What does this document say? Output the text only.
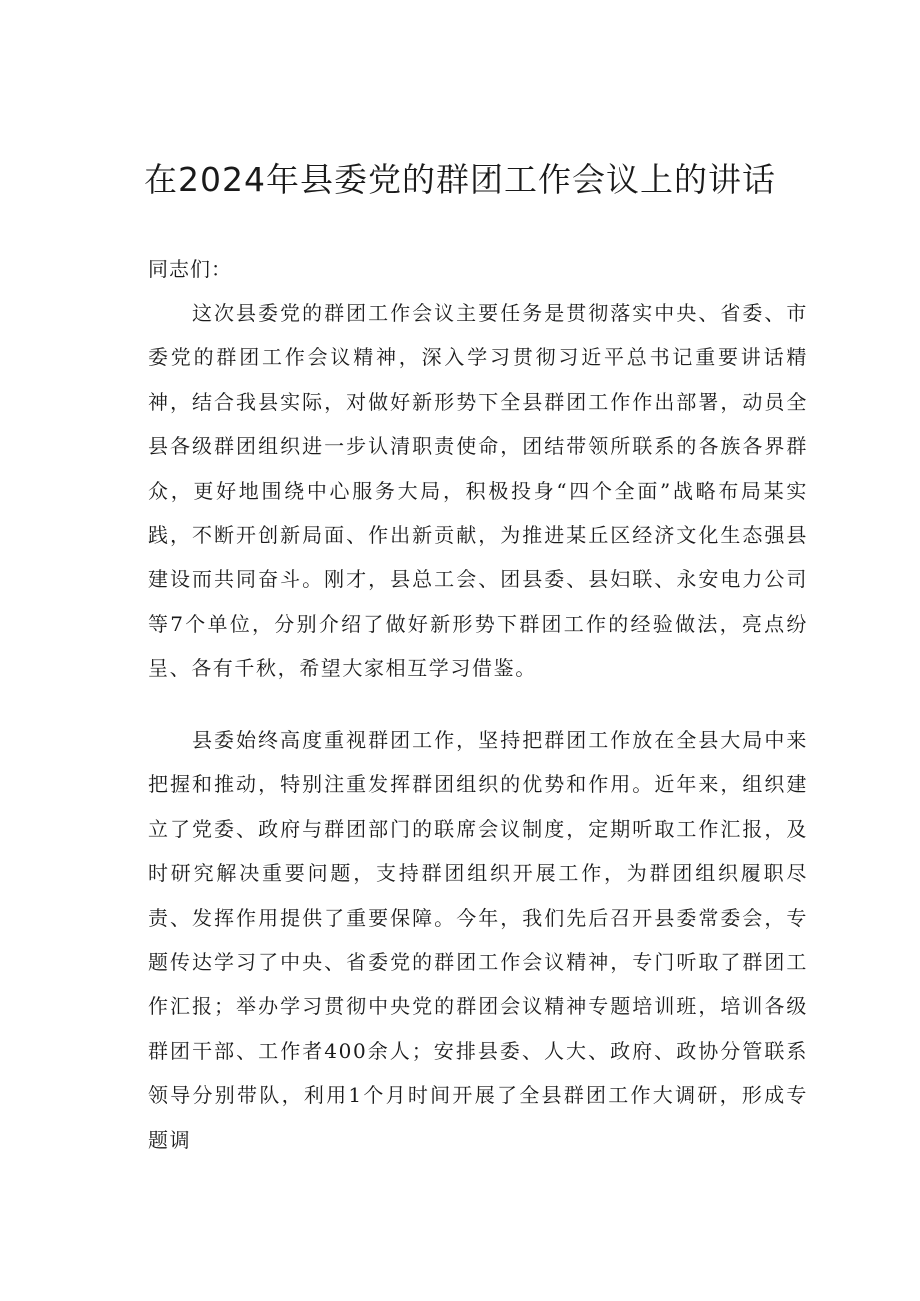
在2024年县委党的群团工作会议上的讲话
同志们：

这次县委党的群团工作会议主要任务是贯彻落实中央、省委、市委党的群团工作会议精神，深入学习贯彻习近平总书记重要讲话精神，结合我县实际，对做好新形势下全县群团工作作出部署，动员全县各级群团组织进一步认清职责使命，团结带领所联系的各族各界群众，更好地围绕中心服务大局，积极投身“四个全面”战略布局某实践，不断开创新局面、作出新贡献，为推进某丘区经济文化生态强县建设而共同奋斗。刚才，县总工会、团县委、县妇联、永安电力公司等7个单位，分别介绍了做好新形势下群团工作的经验做法，亮点纷呈、各有千秋，希望大家相互学习借鉴。

县委始终高度重视群团工作，坚持把群团工作放在全县大局中来把握和推动，特别注重发挥群团组织的优势和作用。近年来，组织建立了党委、政府与群团部门的联席会议制度，定期听取工作汇报，及时研究解决重要问题，支持群团组织开展工作，为群团组织履职尽责、发挥作用提供了重要保障。今年，我们先后召开县委常委会，专题传达学习了中央、省委党的群团工作会议精神，专门听取了群团工作汇报；举办学习贯彻中央党的群团会议精神专题培训班，培训各级群团干部、工作者400余人；安排县委、人大、政府、政协分管联系领导分别带队，利用1个月时间开展了全县群团工作大调研，形成专题调
